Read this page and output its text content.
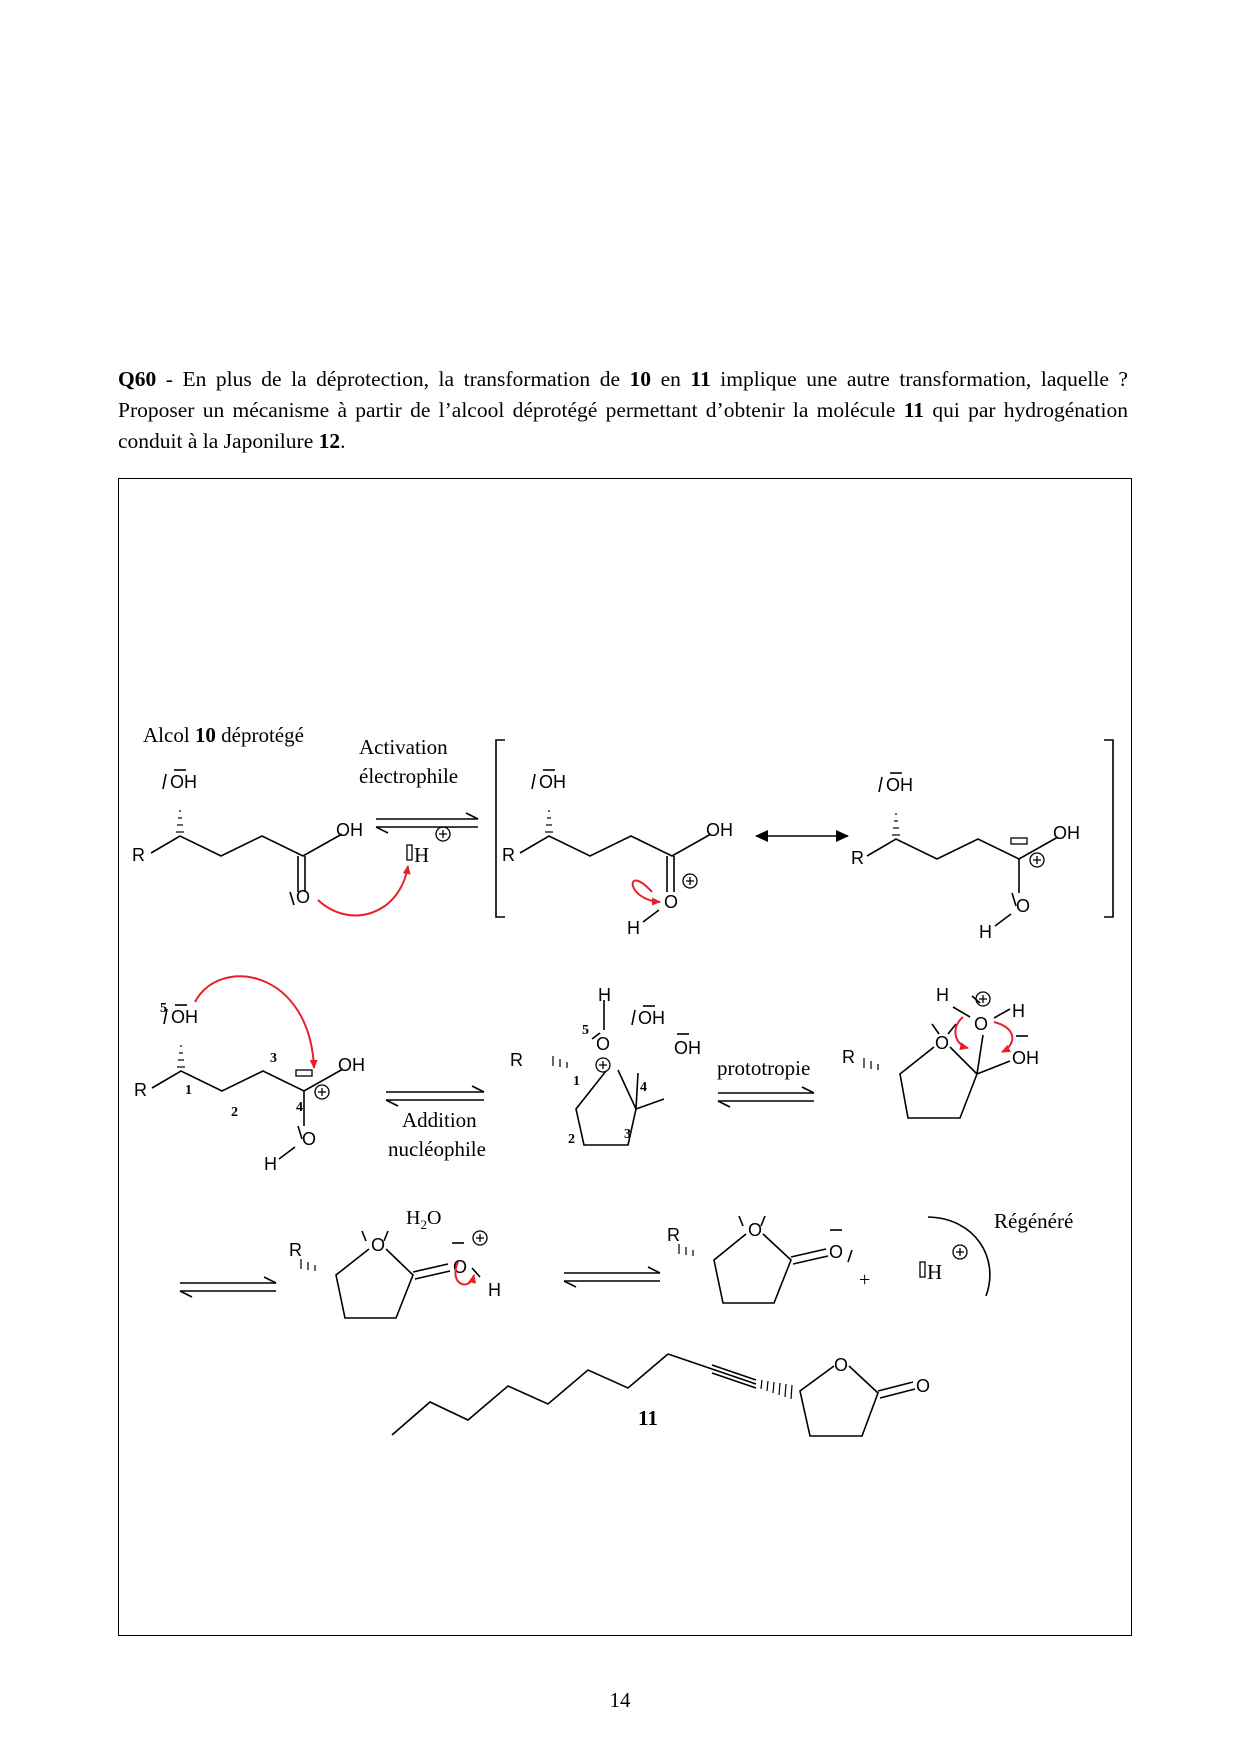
Q60 - En plus de la déprotection, la transformation de 10 en 11 implique une autre transformation, laquelle ? Proposer un mécanisme à partir de l’alcool déprotégé permettant d’obtenir la molécule 11 qui par hydrogénation conduit à la Japonilure 12.
R
OH
OH
O
H	R
OH
OH
O
H
R
OH
OH
O
H
R
OH
OH
O
H
5
1
2
3
4
R
H
O
OH
OH
5
1	4
2	3
R
O
H
O
H
OH
R	O
O
H
$H_2O$
R	O
O
+	H
Régénéré
O
O
Alcol 10 déprotégé	Activation
électrophile
Addition
nucléophile
prototropie
11
14
